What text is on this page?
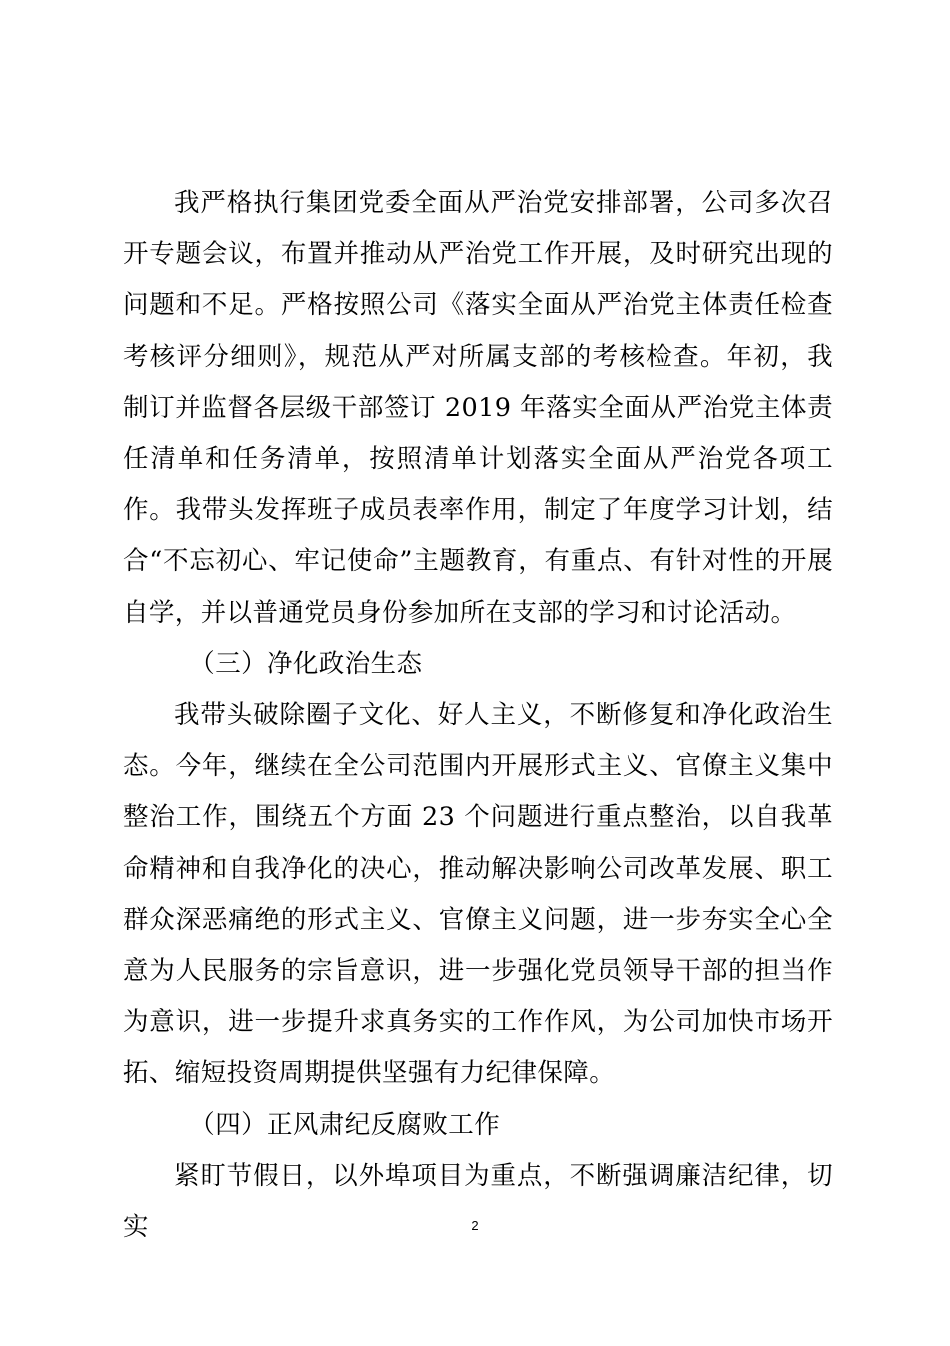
我严格执行集团党委全面从严治党安排部署，公司多次召开专题会议，布置并推动从严治党工作开展，及时研究出现的问题和不足。严格按照公司《落实全面从严治党主体责任检查考核评分细则》，规范从严对所属支部的考核检查。年初，我制订并监督各层级干部签订 2019 年落实全面从严治党主体责任清单和任务清单，按照清单计划落实全面从严治党各项工作。我带头发挥班子成员表率作用，制定了年度学习计划，结合“不忘初心、牢记使命”主题教育，有重点、有针对性的开展自学，并以普通党员身份参加所在支部的学习和讨论活动。

（三）净化政治生态

我带头破除圈子文化、好人主义，不断修复和净化政治生态。今年，继续在全公司范围内开展形式主义、官僚主义集中整治工作，围绕五个方面 23 个问题进行重点整治，以自我革命精神和自我净化的决心，推动解决影响公司改革发展、职工群众深恶痛绝的形式主义、官僚主义问题，进一步夯实全心全意为人民服务的宗旨意识，进一步强化党员领导干部的担当作为意识，进一步提升求真务实的工作作风，为公司加快市场开拓、缩短投资周期提供坚强有力纪律保障。

（四）正风肃纪反腐败工作

紧盯节假日，以外埠项目为重点，不断强调廉洁纪律，切实	2
